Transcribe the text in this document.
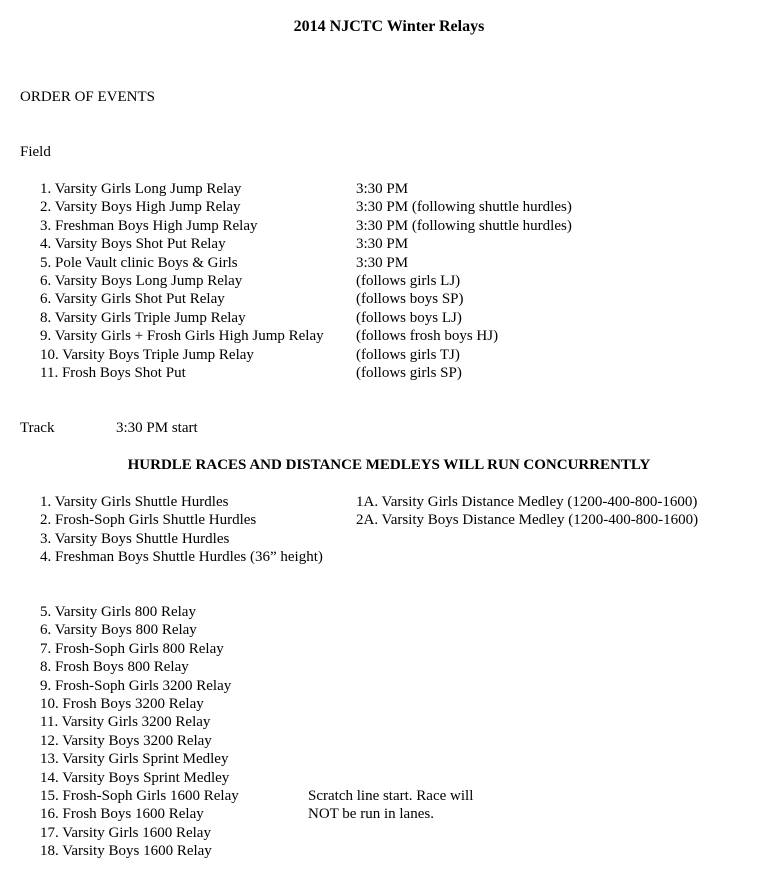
2014 NJCTC Winter Relays
ORDER OF EVENTS
Field
1. Varsity Girls Long Jump Relay
2. Varsity Boys High Jump Relay
3. Freshman Boys High Jump Relay
4. Varsity Boys Shot Put Relay
5. Pole Vault clinic Boys & Girls
6. Varsity Boys Long Jump Relay
6. Varsity Girls Shot Put Relay
8. Varsity Girls Triple Jump Relay
9. Varsity Girls + Frosh Girls High Jump Relay
10. Varsity Boys Triple Jump Relay
11. Frosh Boys Shot Put
3:30 PM
3:30 PM (following shuttle hurdles)
3:30 PM (following shuttle hurdles)
3:30 PM
3:30 PM
(follows girls LJ)
(follows boys SP)
(follows boys LJ)
(follows frosh boys HJ)
(follows girls TJ)
(follows girls SP)
Track	3:30 PM start
HURDLE RACES AND DISTANCE MEDLEYS WILL RUN CONCURRENTLY
1. Varsity Girls Shuttle Hurdles
2. Frosh-Soph Girls Shuttle Hurdles
3. Varsity Boys Shuttle Hurdles
4. Freshman Boys Shuttle Hurdles (36” height)
1A. Varsity Girls Distance Medley (1200-400-800-1600)
2A. Varsity Boys Distance Medley (1200-400-800-1600)
5. Varsity Girls 800 Relay
6. Varsity Boys 800 Relay
7. Frosh-Soph Girls 800 Relay
8. Frosh Boys 800 Relay
9. Frosh-Soph Girls 3200 Relay
10. Frosh Boys 3200 Relay
11. Varsity Girls 3200 Relay
12. Varsity Boys 3200 Relay
13. Varsity Girls Sprint Medley
14. Varsity Boys Sprint Medley
15. Frosh-Soph Girls 1600 Relay
16. Frosh Boys 1600 Relay
17. Varsity Girls 1600 Relay
18. Varsity Boys 1600 Relay
Scratch line start. Race will
NOT be run in lanes.
